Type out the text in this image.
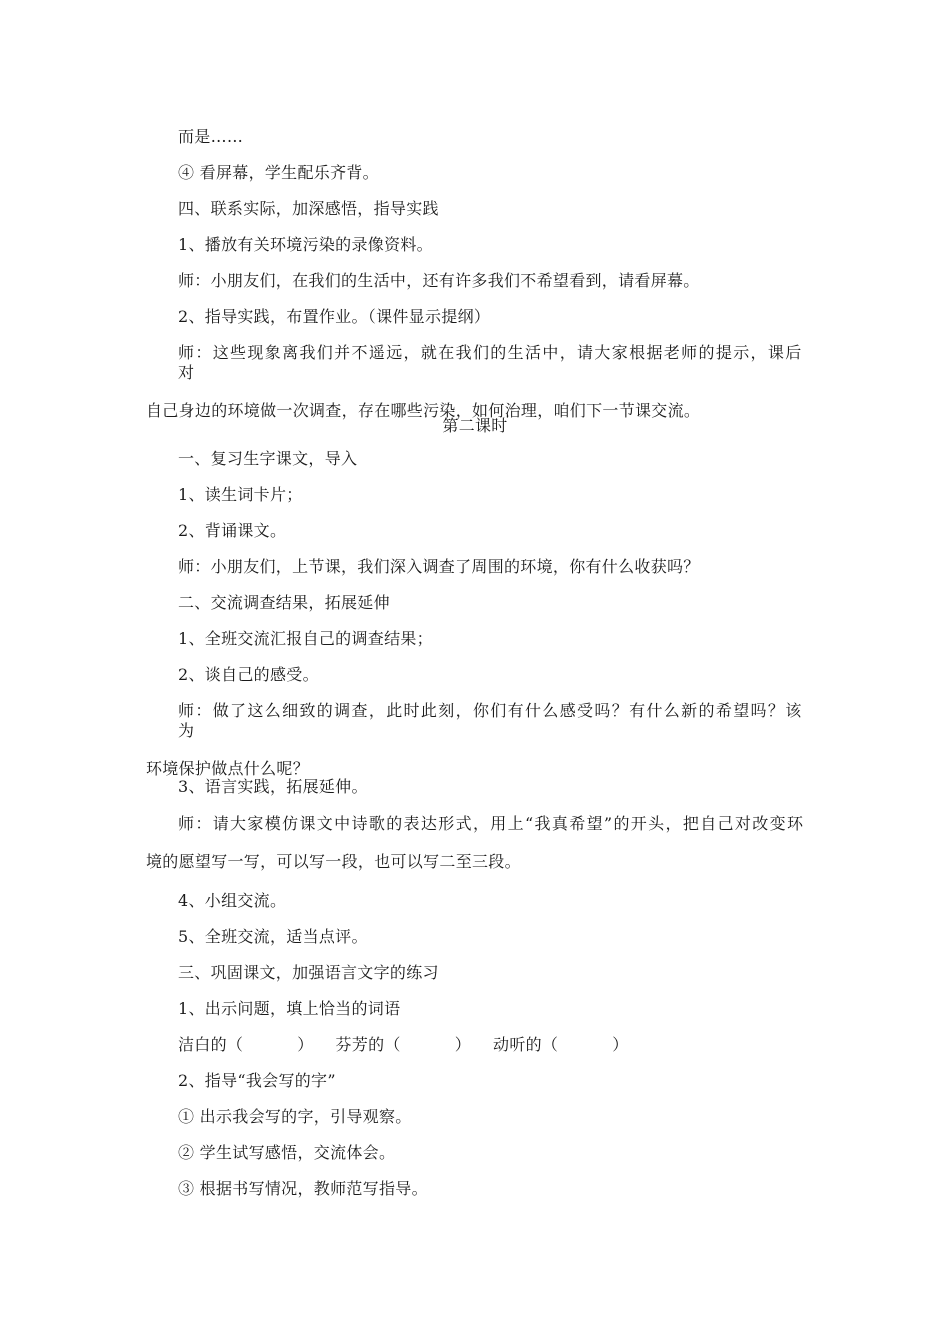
而是……
④ 看屏幕，学生配乐齐背。
四、联系实际，加深感悟，指导实践
1、播放有关环境污染的录像资料。
师：小朋友们，在我们的生活中，还有许多我们不希望看到，请看屏幕。
2、指导实践，布置作业。（课件显示提纲）
师：这些现象离我们并不遥远，就在我们的生活中，请大家根据老师的提示，课后对
自己身边的环境做一次调查，存在哪些污染，如何治理，咱们下一节课交流。
第二课时
一、复习生字课文，导入
1、读生词卡片；
2、背诵课文。
师：小朋友们，上节课，我们深入调查了周围的环境，你有什么收获吗？
二、交流调查结果，拓展延伸
1、全班交流汇报自己的调查结果；
2、谈自己的感受。
师：做了这么细致的调查，此时此刻，你们有什么感受吗？有什么新的希望吗？该为
环境保护做点什么呢？
3、语言实践，拓展延伸。
师：请大家模仿课文中诗歌的表达形式，用上“我真希望”的开头，把自己对改变环
境的愿望写一写，可以写一段，也可以写二至三段。
4、小组交流。
5、全班交流，适当点评。
三、巩固课文，加强语言文字的练习
1、出示问题，填上恰当的词语
洁白的（	） 芬芳的（	） 动听的（	）
2、指导“我会写的字”
① 出示我会写的字，引导观察。
② 学生试写感悟，交流体会。
③ 根据书写情况，教师范写指导。
